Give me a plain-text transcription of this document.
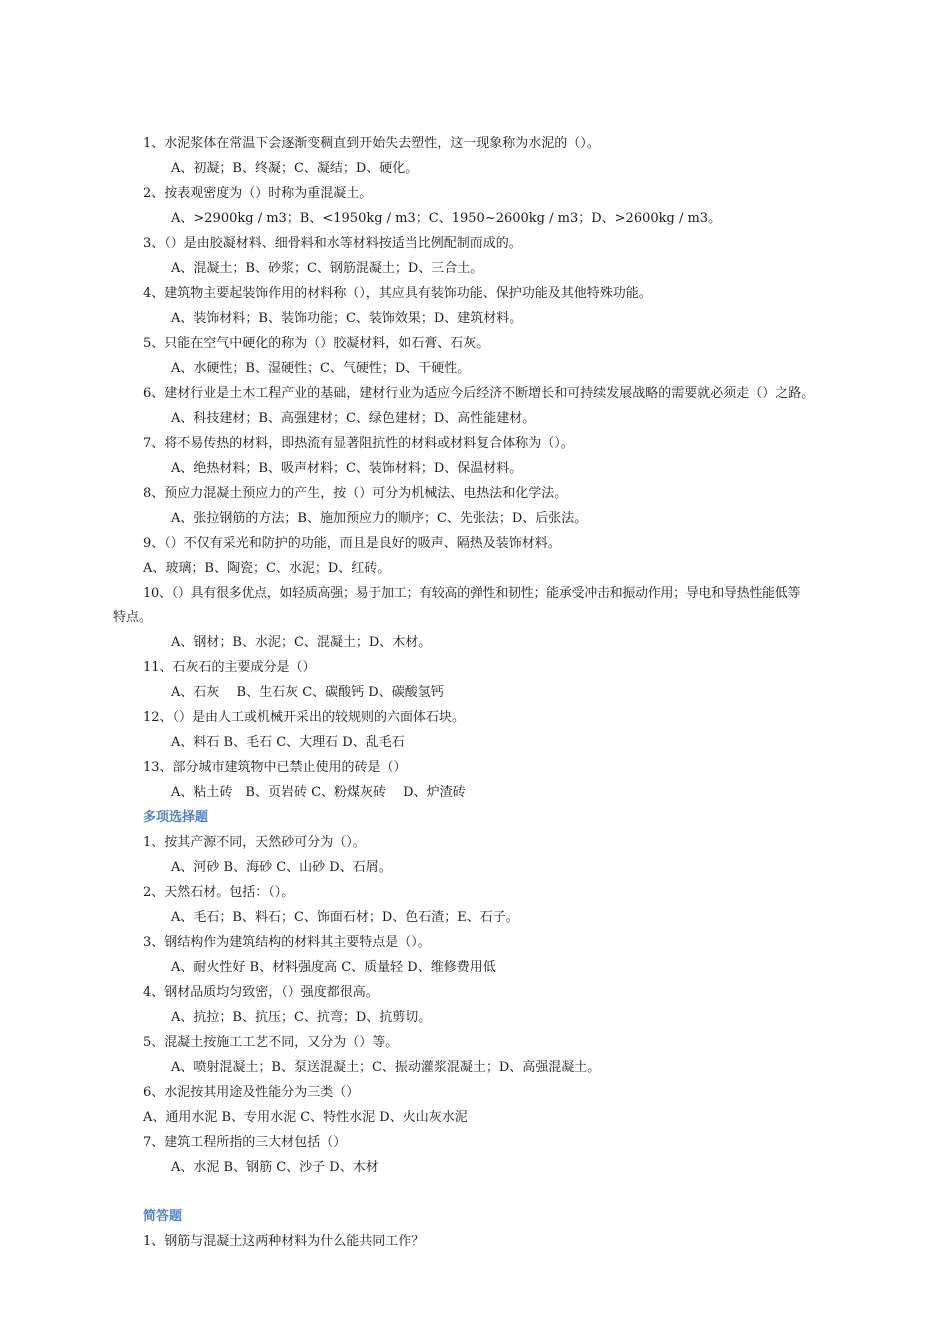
1、水泥浆体在常温下会逐渐变稠直到开始失去塑性，这一现象称为水泥的（）。
A、初凝；B、终凝；C、凝结；D、硬化。
2、按表观密度为（）时称为重混凝土。
A、>2900kg / m3；B、<1950kg / m3；C、1950~2600kg / m3；D、>2600kg / m3。
3、（）是由胶凝材料、细骨料和水等材料按适当比例配制而成的。
A、混凝土；B、砂浆；C、钢筋混凝土；D、三合土。
4、建筑物主要起装饰作用的材料称（），其应具有装饰功能、保护功能及其他特殊功能。
A、装饰材料；B、装饰功能；C、装饰效果；D、建筑材料。
5、只能在空气中硬化的称为（）胶凝材料，如石膏、石灰。
A、水硬性；B、湿硬性；C、气硬性；D、干硬性。
6、建材行业是土木工程产业的基础，建材行业为适应今后经济不断增长和可持续发展战略的需要就必须走（）之路。
A、科技建材；B、高强建材；C、绿色建材；D、高性能建材。
7、将不易传热的材料，即热流有显著阻抗性的材料或材料复合体称为（）。
A、绝热材料；B、吸声材料；C、装饰材料；D、保温材料。
8、预应力混凝土预应力的产生，按（）可分为机械法、电热法和化学法。
A、张拉钢筋的方法；B、施加预应力的顺序；C、先张法；D、后张法。
9、（）不仅有采光和防护的功能，而且是良好的吸声、隔热及装饰材料。
A、玻璃；B、陶瓷；C、水泥；D、红砖。
10、（）具有很多优点，如轻质高强；易于加工；有较高的弹性和韧性；能承受冲击和振动作用；导电和导热性能低等
特点。
A、钢材；B、水泥；C、混凝土；D、木材。
11、石灰石的主要成分是（）
A、石灰　 B、生石灰 C、碳酸钙 D、碳酸氢钙
12、（）是由人工或机械开采出的较规则的六面体石块。
A、料石 B、毛石 C、大理石 D、乱毛石
13、部分城市建筑物中已禁止使用的砖是（）
A、粘土砖　B、页岩砖 C、粉煤灰砖　 D、炉渣砖
多项选择题
1、按其产源不同，天然砂可分为（）。
A、河砂 B、海砂 C、山砂 D、石屑。
2、天然石材。包括：（）。
A、毛石；B、料石；C、饰面石材；D、色石渣；E、石子。
3、钢结构作为建筑结构的材料其主要特点是（）。
A、耐火性好 B、材料强度高 C、质量轻 D、维修费用低
4、钢材品质均匀致密，（）强度都很高。
A、抗拉；B、抗压；C、抗弯；D、抗剪切。
5、混凝土按施工工艺不同，又分为（）等。
A、喷射混凝土；B、泵送混凝土；C、振动灌浆混凝土；D、高强混凝土。
6、水泥按其用途及性能分为三类（）
A、通用水泥 B、专用水泥 C、特性水泥 D、火山灰水泥
7、建筑工程所指的三大材包括（）
A、水泥 B、钢筋 C、沙子 D、木材
简答题
1、钢筋与混凝土这两种材料为什么能共同工作？
